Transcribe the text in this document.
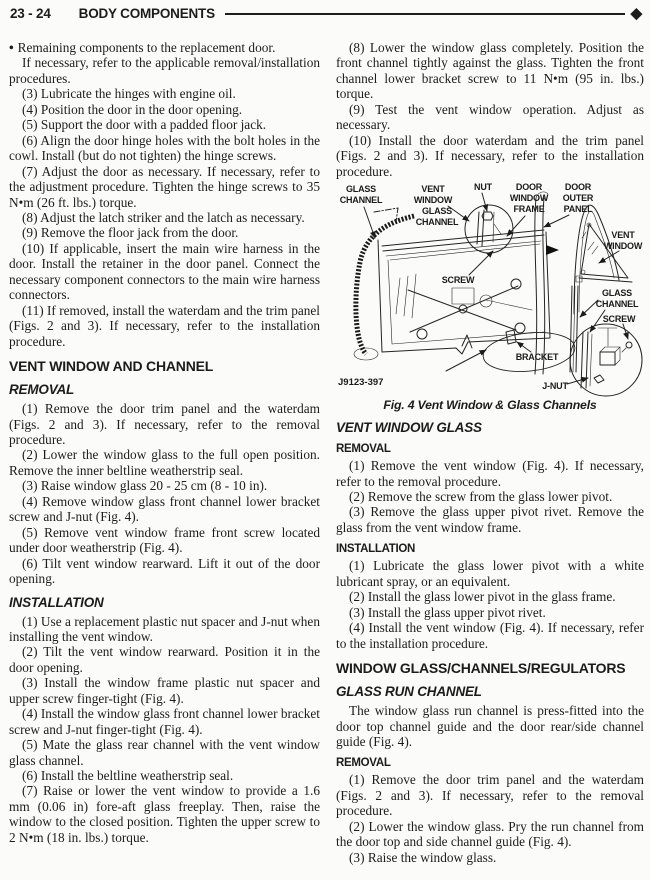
23 - 24 BODY COMPONENTS	◆

• Remaining components to the replacement door.

If necessary, refer to the applicable removal/installation procedures.

(3) Lubricate the hinges with engine oil.

(4) Position the door in the door opening.

(5) Support the door with a padded floor jack.

(6) Align the door hinge holes with the bolt holes in the cowl. Install (but do not tighten) the hinge screws.

(7) Adjust the door as necessary. If necessary, refer to the adjustment procedure. Tighten the hinge screws to 35 N•m (26 ft. lbs.) torque.

(8) Adjust the latch striker and the latch as necessary.

(9) Remove the floor jack from the door.

(10) If applicable, insert the main wire harness in the door. Install the retainer in the door panel. Connect the necessary component connectors to the main wire harness connectors.

(11) If removed, install the waterdam and the trim panel (Figs. 2 and 3). If necessary, refer to the installation procedure.

VENT WINDOW AND CHANNEL
REMOVAL

(1) Remove the door trim panel and the waterdam (Figs. 2 and 3). If necessary, refer to the removal procedure.

(2) Lower the window glass to the full open position. Remove the inner beltline weatherstrip seal.

(3) Raise window glass 20 - 25 cm (8 - 10 in).

(4) Remove window glass front channel lower bracket screw and J-nut (Fig. 4).

(5) Remove vent window frame front screw located under door weatherstrip (Fig. 4).

(6) Tilt vent window rearward. Lift it out of the door opening.

INSTALLATION

(1) Use a replacement plastic nut spacer and J-nut when installing the vent window.

(2) Tilt the vent window rearward. Position it in the door opening.

(3) Install the window frame plastic nut spacer and upper screw finger-tight (Fig. 4).

(4) Install the window glass front channel lower bracket screw and J-nut finger-tight (Fig. 4).

(5) Mate the glass rear channel with the vent window glass channel.

(6) Install the beltline weatherstrip seal.

(7) Raise or lower the vent window to provide a 1.6 mm (0.06 in) fore-aft glass freeplay. Then, raise the window to the closed position. Tighten the upper screw to 2 N•m (18 in. lbs.) torque.

(8) Lower the window glass completely. Position the front channel tightly against the glass. Tighten the front channel lower bracket screw to 11 N•m (95 in. lbs.) torque.

(9) Test the vent window operation. Adjust as necessary.

(10) Install the door waterdam and the trim panel (Figs. 2 and 3). If necessary, refer to the installation procedure.

GLASS
CHANNEL
VENT
WINDOW
GLASS
CHANNEL
NUT	DOOR
WINDOW
FRAME
DOOR
OUTER
PANEL
VENT
WINDOW
SCREW
GLASS
CHANNEL
SCREW
BRACKET
J-NUT
J9123-397
Fig. 4 Vent Window & Glass Channels
VENT WINDOW GLASS
REMOVAL

(1) Remove the vent window (Fig. 4). If necessary, refer to the removal procedure.

(2) Remove the screw from the glass lower pivot.

(3) Remove the glass upper pivot rivet. Remove the glass from the vent window frame.

INSTALLATION

(1) Lubricate the glass lower pivot with a white lubricant spray, or an equivalent.

(2) Install the glass lower pivot in the glass frame.

(3) Install the glass upper pivot rivet.

(4) Install the vent window (Fig. 4). If necessary, refer to the installation procedure.

WINDOW GLASS/CHANNELS/REGULATORS
GLASS RUN CHANNEL

The window glass run channel is press-fitted into the door top channel guide and the door rear/side channel guide (Fig. 4).

REMOVAL

(1) Remove the door trim panel and the waterdam (Figs. 2 and 3). If necessary, refer to the removal procedure.

(2) Lower the window glass. Pry the run channel from the door top and side channel guide (Fig. 4).

(3) Raise the window glass.
